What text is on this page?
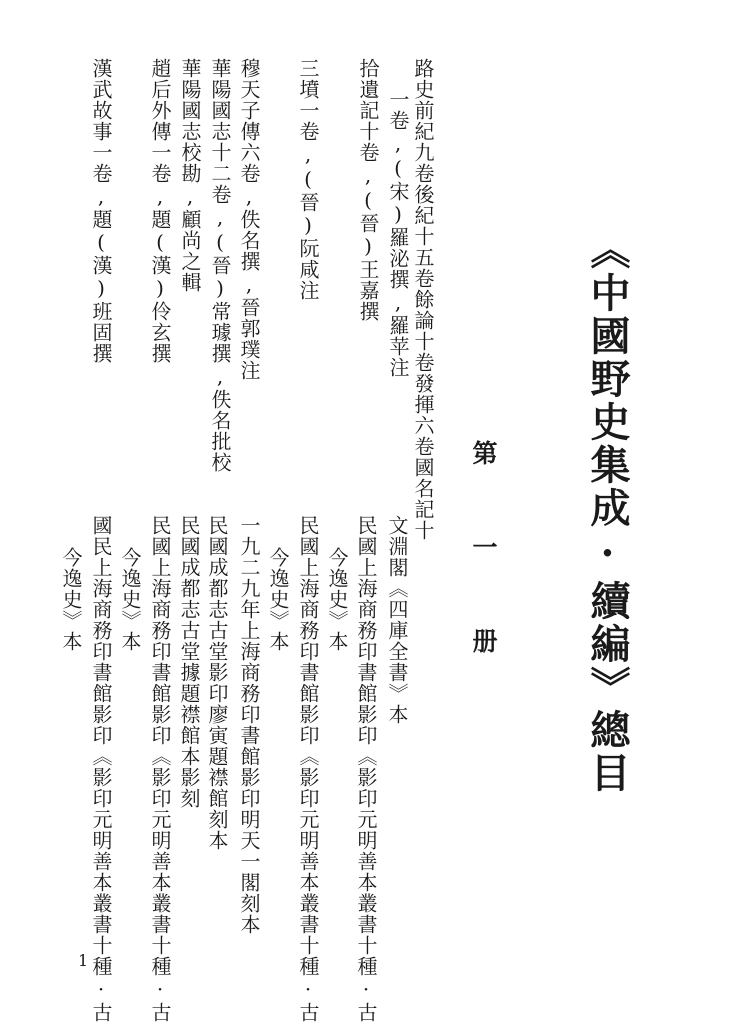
《中國野史集成·續編》總目
第　一　册
路史前紀九卷後紀十五卷餘論十卷發揮六卷國名記十
一卷,(宋)羅泌撰,羅苹注
文淵閣《四庫全書》本
拾遺記十卷,(晉)王嘉撰
民國上海商務印書館影印《影印元明善本叢書十種·古
今逸史》本
三墳一卷,(晉)阮咸注
民國上海商務印書館影印《影印元明善本叢書十種·古
今逸史》本
穆天子傳六卷,佚名撰,晉郭璞注
一九二九年上海商務印書館影印明天一閣刻本
華陽國志十二卷,(晉)常璩撰,佚名批校
民國成都志古堂影印廖寅題襟館刻本
華陽國志校勘,顧尚之輯
民國成都志古堂據題襟館本影刻
趙后外傳一卷,題(漢)伶玄撰
民國上海商務印書館影印《影印元明善本叢書十種·古
今逸史》本
漢武故事一卷,題(漢)班固撰
國民上海商務印書館影印《影印元明善本叢書十種·古
今逸史》本
1
